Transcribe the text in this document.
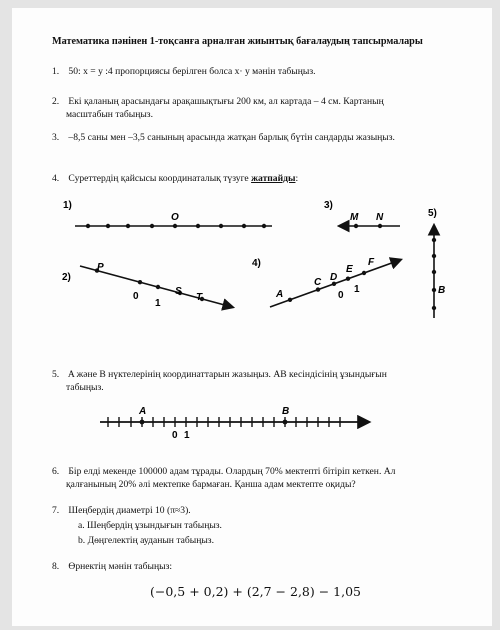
Математика пәнінен 1-тоқсанға арналған жиынтық бағалаудың тапсырмалары
1. 50: x = y :4 пропорциясы берілген болса x· y мәнін табыңыз.
2. Екі қаланың арасындағы арақашықтығы 200 км, ал картада – 4 см. Картаның
масштабын табыңыз.
3. –8,5 саны мен –3,5 санының арасында жатқан барлық бүтін сандарды жазыңыз.
4. Суреттердің қайсысы координаталық түзуге жатпайды:
1)
O
3)
M N	5)
B
2)
P
0
1
S
T
4)
A
C D
E
F
0
1
5. A және B нүктелерінің координаттарын жазыңыз. AB кесіндісінің ұзындығын
табыңыз.
A	B
0 1
6. Бір елді мекенде 100000 адам тұрады. Олардың 70% мектепті бітіріп кеткен. Ал
қалғанының 20% әлі мектепке бармаған. Қанша адам мектепте оқиды?
7. Шеңбердің диаметрі 10 (π≈3).
a. Шеңбердің ұзындығын табыңыз.
b. Дөңгелектің ауданын табыңыз.
8. Өрнектің мәнін табыңыз:
(−0,5 + 0,2) + (2,7 − 2,8) − 1,05
